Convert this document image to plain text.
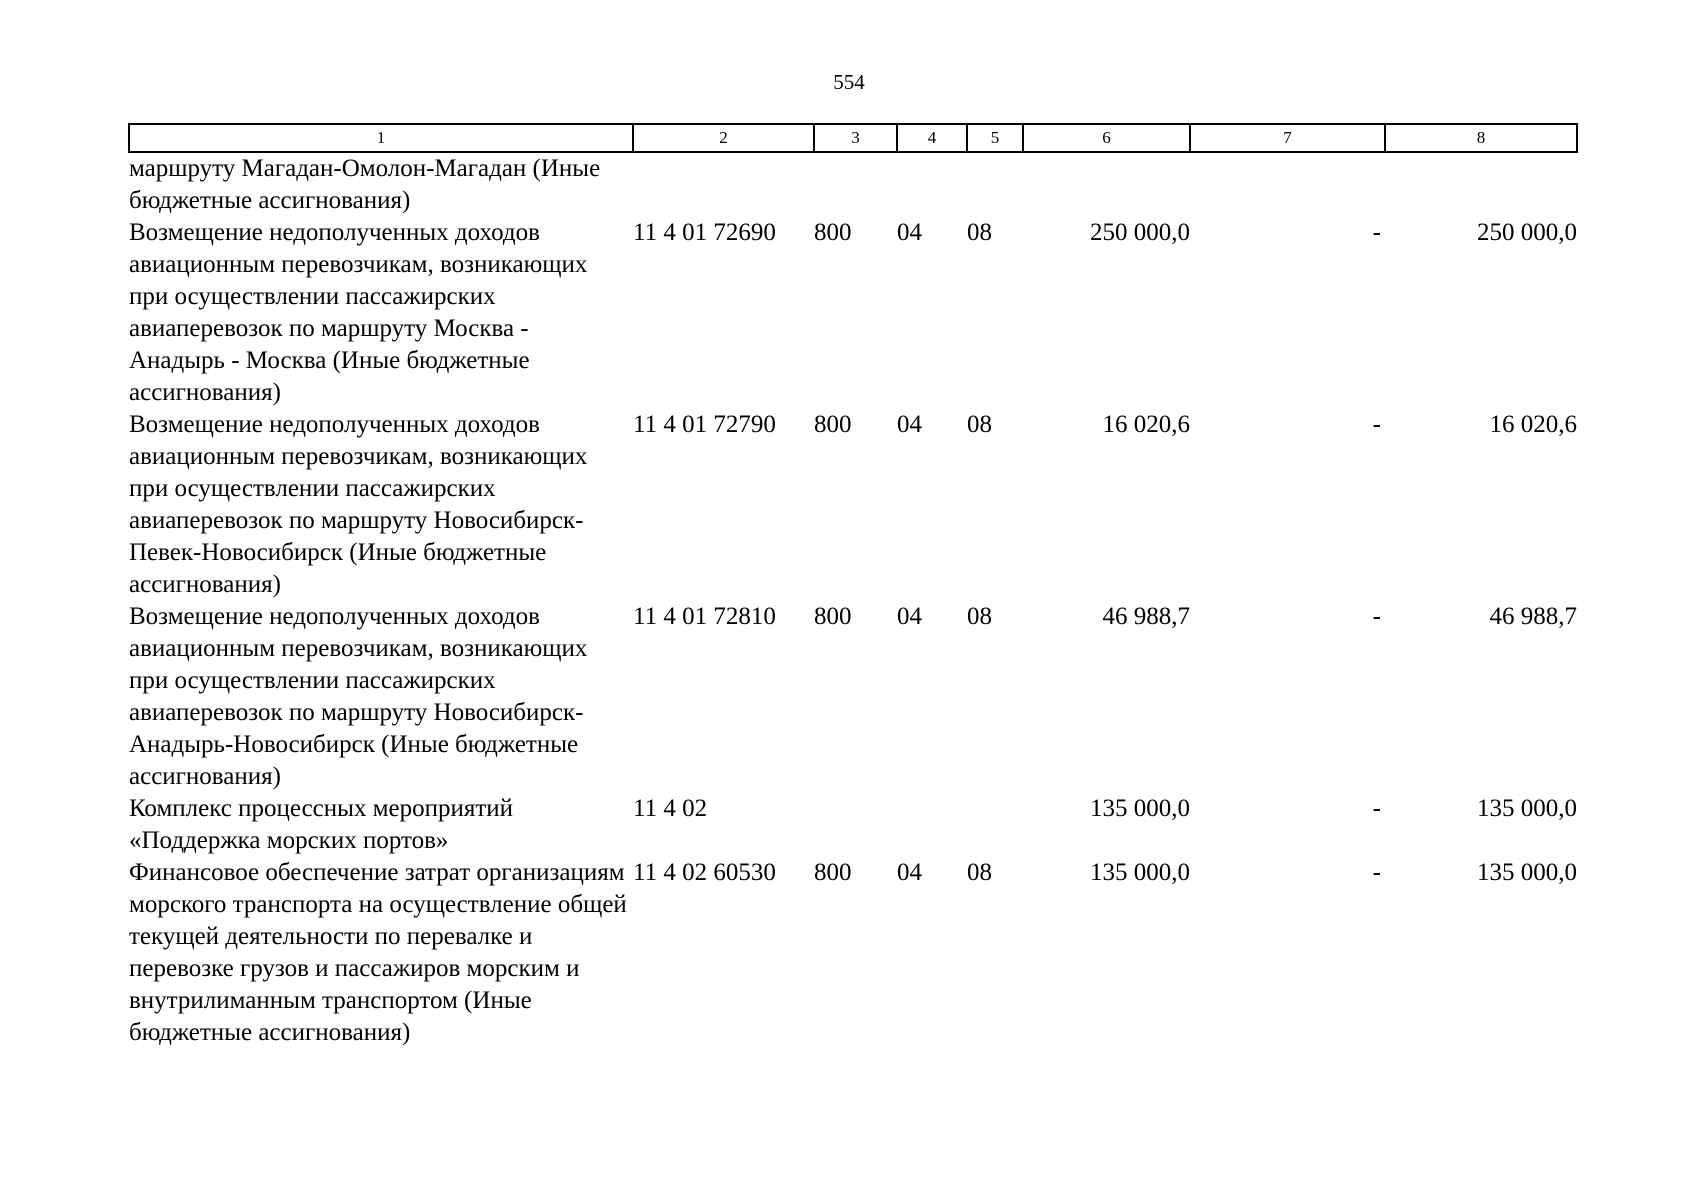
554
1	2	3	4	5	6	7	8
маршруту Магадан-Омолон-Магадан (Иные бюджетные ассигнования)							
Возмещение недополученных доходов авиационным перевозчикам, возникающих при осуществлении пассажирских авиаперевозок по маршруту Москва - Анадырь - Москва (Иные бюджетные ассигнования)	11 4 01 72690	800	04	08	250 000,0	-	250 000,0
Возмещение недополученных доходов авиационным перевозчикам, возникающих при осуществлении пассажирских авиаперевозок по маршруту Новосибирск-Певек-Новосибирск (Иные бюджетные ассигнования)	11 4 01 72790	800	04	08	16 020,6	-	16 020,6
Возмещение недополученных доходов авиационным перевозчикам, возникающих при осуществлении пассажирских авиаперевозок по маршруту Новосибирск-Анадырь-Новосибирск (Иные бюджетные ассигнования)	11 4 01 72810	800	04	08	46 988,7	-	46 988,7
Комплекс процессных мероприятий «Поддержка морских портов»	11 4 02				135 000,0	-	135 000,0
Финансовое обеспечение затрат организациям морского транспорта на осуществление общей текущей деятельности по перевалке и перевозке грузов и пассажиров морским и внутрилиманным транспортом (Иные бюджетные ассигнования)	11 4 02 60530	800	04	08	135 000,0	-	135 000,0
